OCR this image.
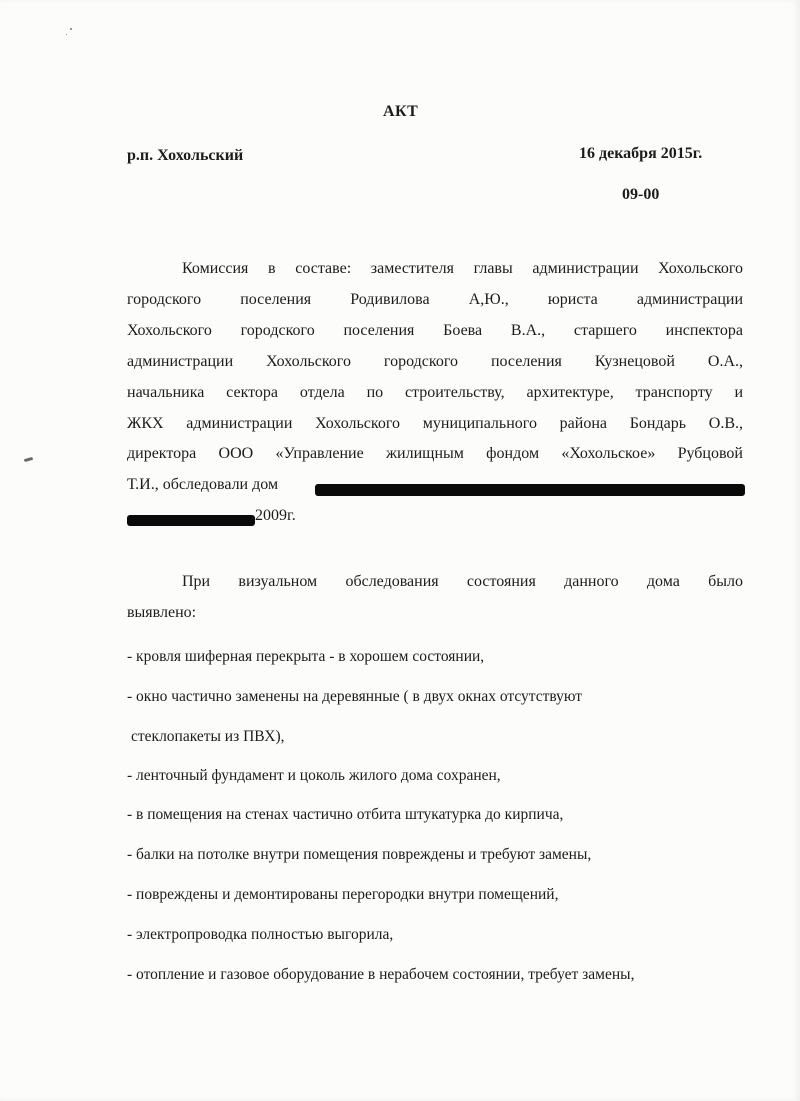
АКТ
р.п. Хохольский	16 декабря 2015г.
09-00
Комиссия в составе: заместителя главы администрации Хохольского
городского поселения Родивилова А,Ю., юриста администрации
Хохольского городского поселения Боева В.А., старшего инспектора
администрации Хохольского городского поселения Кузнецовой О.А.,
начальника сектора отдела по строительству, архитектуре, транспорту и
ЖКХ администрации Хохольского муниципального района Бондарь О.В.,
директора ООО «Управление жилищным фондом «Хохольское» Рубцовой
Т.И., обследовали дом
2009г.
При визуальном обследования состояния данного дома было
выявлено:
- кровля шиферная перекрыта - в хорошем состоянии,
- окно частично заменены на деревянные ( в двух окнах отсутствуют
стеклопакеты из ПВХ),
- ленточный фундамент и цоколь жилого дома сохранен,
- в помещения на стенах частично отбита штукатурка до кирпича,
- балки на потолке внутри помещения повреждены и требуют замены,
- повреждены и демонтированы перегородки внутри помещений,
- электропроводка полностью выгорила,
- отопление и газовое оборудование в нерабочем состоянии, требует замены,
